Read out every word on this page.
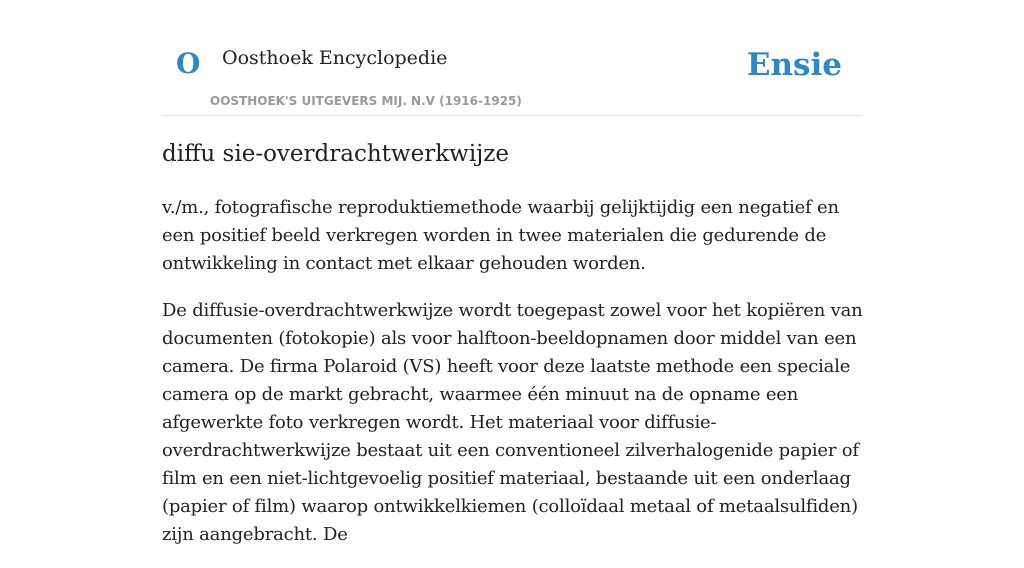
O Oosthoek Encyclopedie
OOSTHOEK'S UITGEVERS MIJ. N.V (1916-1925)
Ensie
diffu sie-overdrachtwerkwijze

v./m., fotografische reproduktiemethode waarbij gelijktijdig een negatief en een positief beeld verkregen worden in twee materialen die gedurende de ontwikkeling in contact met elkaar gehouden worden.

De diffusie-overdrachtwerkwijze wordt toegepast zowel voor het kopiëren van documenten (fotokopie) als voor halftoon-beeldopnamen door middel van een camera. De firma Polaroid (VS) heeft voor deze laatste methode een speciale camera op de markt gebracht, waarmee één minuut na de opname een afgewerkte foto verkregen wordt. Het materiaal voor diffusie-overdrachtwerkwijze bestaat uit een conventioneel zilverhalogenide papier of film en een niet-lichtgevoelig positief materiaal, bestaande uit een onderlaag (papier of film) waarop ontwikkelkiemen (colloïdaal metaal of metaalsulfiden) zijn aangebracht. De
